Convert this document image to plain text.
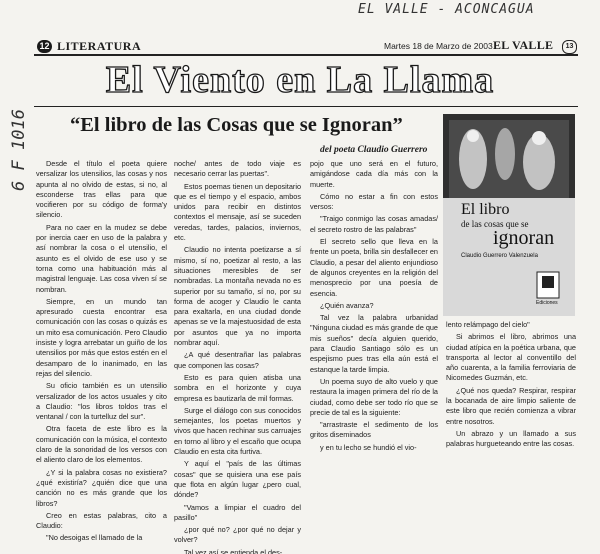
EL VALLE - ACONCAGUA
6 F 1016
12 LITERATURA	Martes 18 de Marzo de 2003 EL VALLE	13
El Viento en La Llama
“El libro de las Cosas que se Ignoran”
del poeta Claudio Guerrero
El libro
de las cosas que se
ignoran
Claudio Guerrero Valenzuela
Ediciones

Desde el título el poeta quiere versalizar los utensilios, las cosas y nos apunta al no olvido de estas, si no, al esconderse tras ellas para que vocifieren por su código de forma'y silencio.

Para no caer en la mudez se debe por inercia caer en uso de la palabra y así nombrar la cosa o el utensilio, el asunto es el olvido de ese uso y se torna como una habituación más al magistral lenguaje. Las cosa viven sí se nombran.

Siempre, en un mundo tan apresurado cuesta encontrar esa comunicación con las cosas o quizás es un mito esa comunicación. Pero Claudio insiste y logra arrebatar un guiño de los utensilios por más que estos estén en el desamparo de lo inanimado, en las rejas del silencio.

Su oficio también es un utensilio versalizador de los actos usuales y cito a Claudio: "los libros toldos tras el ventanal / con la turtelluz del sur".

Otra faceta de este libro es la comunicación con la música, el contexto claro de la sonoridad de los versos con el aliento claro de los elementos.

¿Y si la palabra cosas no existiera? ¿qué existiría? ¿quién dice que una canción no es más grande que los libros?

Creo en estas palabras, cito a Claudio:

"No desoigas el llamado de la

noche/ antes de todo viaje es necesario cerrar las puertas".

Estos poemas tienen un depositario que es el tiempo y el espacio, ambos unidos para recibir en distintos contextos el mensaje, así se suceden veredas, tardes, palacios, inviernos, etc.

Claudio no intenta poetizarse a sí mismo, sí no, poetizar al resto, a las situaciones meresibles de ser nombradas. La montaña nevada no es superior por su tamaño, sí no, por su forma de acoger y Claudio le canta para exaltarla, en una ciudad donde apenas se ve la majestuosidad de esta por asuntos que ya no importa nombrar aquí.

¿A qué desentrañar las palabras que componen las cosas?

Esto es para quien atisba una sombra en el horizonte y cuya empresa es bautizarla de mil formas.

Surge el diálogo con sus conocidos semejantes, los poetas muertos y vivos que hacen rechinar sus carruajes en torno al libro y el escaño que ocupa Claudio en esta cita furtiva.

Y aquí el "país de las últimas cosas" que se quisiera una ese país que flota en algún lugar ¿pero cual, dónde?

"Vamos a limpiar el cuadro del pasillo"

¿por qué no? ¿por qué no dejar y volver?

Tal vez así se entienda el des-

pojo que uno será en el futuro, amigándose cada día más con la muerte.

Cómo no estar a fin con estos versos:

"Traigo conmigo las cosas amadas/ el secreto rostro de las palabras"

El secreto sello que lleva en la frente un poeta, brilla sin desfallecer en Claudio, a pesar del aliento enjundioso de algunos creyentes en la religión del menosprecio por una poesía de esencia.

¿Quién avanza?

Tal vez la palabra urbanidad "Ninguna ciudad es más grande de que mis sueños" decía alguien querido, para Claudio Santiago sólo es un espejismo pues tras ella aún está el estanque la tarde limpia.

Un poema suyo de alto vuelo y que restaura la imagen primera del río de la ciudad, como debe ser todo río que se precie de tal es la siguiente:

"arrastraste el sedimento de los gritos diseminados

y en tu lecho se hundió el vio-

lento relámpago del cielo"

Si abrimos el libro, abrimos una ciudad atípica en la poética urbana, que transporta al lector al conventillo del año cuarenta, a la familia ferroviaria de Nicomedes Guzmán, etc.

¿Qué nos queda? Respirar, respirar la bocanada de aire limpio saliente de este libro que recién comienza a vibrar entre nosotros.

Un abrazo y un llamado a sus palabras hurgueteando entre las cosas.
